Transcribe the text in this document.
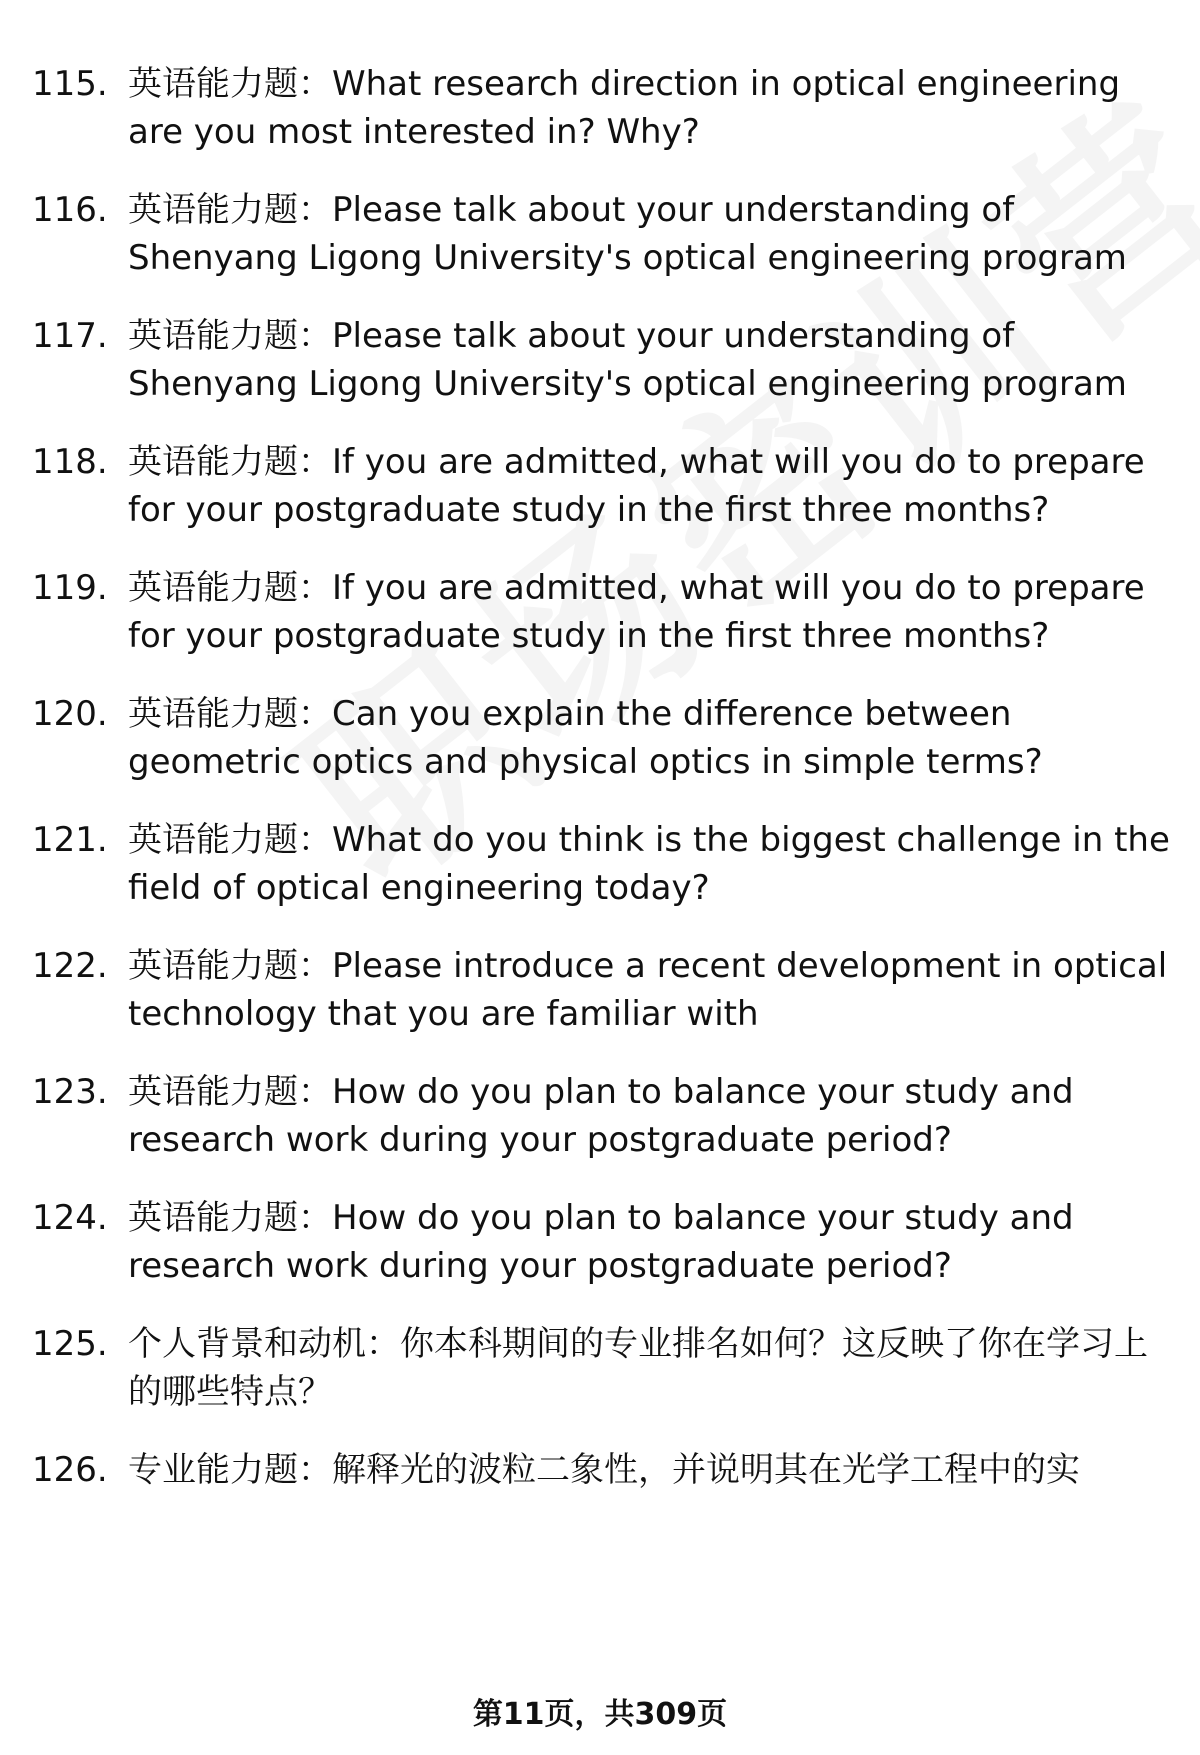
115. 英语能力题：What research direction in optical engineering are you most interested in? Why?
116. 英语能力题：Please talk about your understanding of Shenyang Ligong University's optical engineering program
117. 英语能力题：Please talk about your understanding of Shenyang Ligong University's optical engineering program
118. 英语能力题：If you are admitted, what will you do to prepare for your postgraduate study in the first three months?
119. 英语能力题：If you are admitted, what will you do to prepare for your postgraduate study in the first three months?
120. 英语能力题：Can you explain the difference between geometric optics and physical optics in simple terms?
121. 英语能力题：What do you think is the biggest challenge in the field of optical engineering today?
122. 英语能力题：Please introduce a recent development in optical technology that you are familiar with
123. 英语能力题：How do you plan to balance your study and research work during your postgraduate period?
124. 英语能力题：How do you plan to balance your study and research work during your postgraduate period?
125. 个人背景和动机：你本科期间的专业排名如何？这反映了你在学习上的哪些特点？
126. 专业能力题：解释光的波粒二象性，并说明其在光学工程中的实
第11页，共309页
